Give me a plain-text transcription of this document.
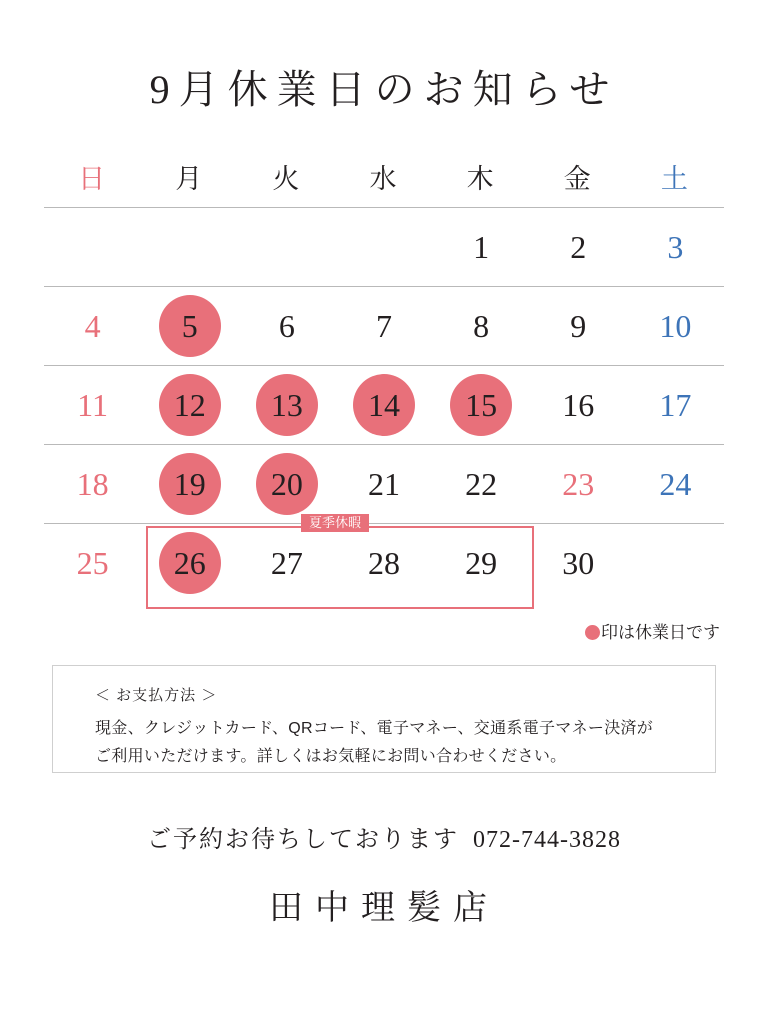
9月休業日のお知らせ
日	月	火	水	木	金	土
				1	2	3
4	5	6	7	8	9	10
11	12	13	14	15	16	17
18	19	20	21	22	23	24
25	26	27	28	29	30	
夏季休暇
印は休業日です
＜ お支払方法 ＞
現金、クレジットカード、QRコード、電子マネー、交通系電子マネー決済が
ご利用いただけます。詳しくはお気軽にお問い合わせください。
ご予約お待ちしております 072-744-3828
田中理髪店
